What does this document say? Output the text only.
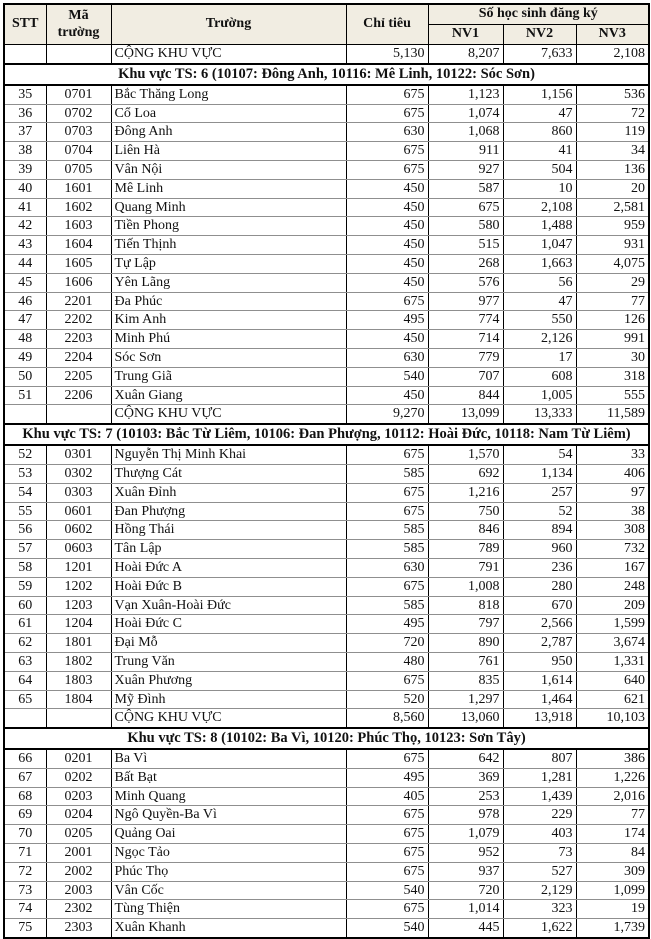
STT	Mã trường	Trường	Chỉ tiêu	Số học sinh đăng ký		
				NV1	NV2	NV3
		CỘNG KHU VỰC	5,130	8,207	7,633	2,108
Khu vực TS: 6 (10107: Đông Anh, 10116: Mê Linh, 10122: Sóc Sơn)						
35	0701	Bắc Thăng Long	675	1,123	1,156	536
36	0702	Cổ Loa	675	1,074	47	72
37	0703	Đông Anh	630	1,068	860	119
38	0704	Liên Hà	675	911	41	34
39	0705	Vân Nội	675	927	504	136
40	1601	Mê Linh	450	587	10	20
41	1602	Quang Minh	450	675	2,108	2,581
42	1603	Tiền Phong	450	580	1,488	959
43	1604	Tiến Thịnh	450	515	1,047	931
44	1605	Tự Lập	450	268	1,663	4,075
45	1606	Yên Lãng	450	576	56	29
46	2201	Đa Phúc	675	977	47	77
47	2202	Kim Anh	495	774	550	126
48	2203	Minh Phú	450	714	2,126	991
49	2204	Sóc Sơn	630	779	17	30
50	2205	Trung Giã	540	707	608	318
51	2206	Xuân Giang	450	844	1,005	555
		CỘNG KHU VỰC	9,270	13,099	13,333	11,589
Khu vực TS: 7 (10103: Bắc Từ Liêm, 10106: Đan Phượng, 10112: Hoài Đức, 10118: Nam Từ Liêm)						
52	0301	Nguyễn Thị Minh Khai	675	1,570	54	33
53	0302	Thượng Cát	585	692	1,134	406
54	0303	Xuân Đỉnh	675	1,216	257	97
55	0601	Đan Phượng	675	750	52	38
56	0602	Hồng Thái	585	846	894	308
57	0603	Tân Lập	585	789	960	732
58	1201	Hoài Đức A	630	791	236	167
59	1202	Hoài Đức B	675	1,008	280	248
60	1203	Vạn Xuân-Hoài Đức	585	818	670	209
61	1204	Hoài Đức C	495	797	2,566	1,599
62	1801	Đại Mỗ	720	890	2,787	3,674
63	1802	Trung Văn	480	761	950	1,331
64	1803	Xuân Phương	675	835	1,614	640
65	1804	Mỹ Đình	520	1,297	1,464	621
		CỘNG KHU VỰC	8,560	13,060	13,918	10,103
Khu vực TS: 8 (10102: Ba Vì, 10120: Phúc Thọ, 10123: Sơn Tây)						
66	0201	Ba Vì	675	642	807	386
67	0202	Bất Bạt	495	369	1,281	1,226
68	0203	Minh Quang	405	253	1,439	2,016
69	0204	Ngô Quyền-Ba Vì	675	978	229	77
70	0205	Quảng Oai	675	1,079	403	174
71	2001	Ngọc Tảo	675	952	73	84
72	2002	Phúc Thọ	675	937	527	309
73	2003	Vân Cốc	540	720	2,129	1,099
74	2302	Tùng Thiện	675	1,014	323	19
75	2303	Xuân Khanh	540	445	1,622	1,739
